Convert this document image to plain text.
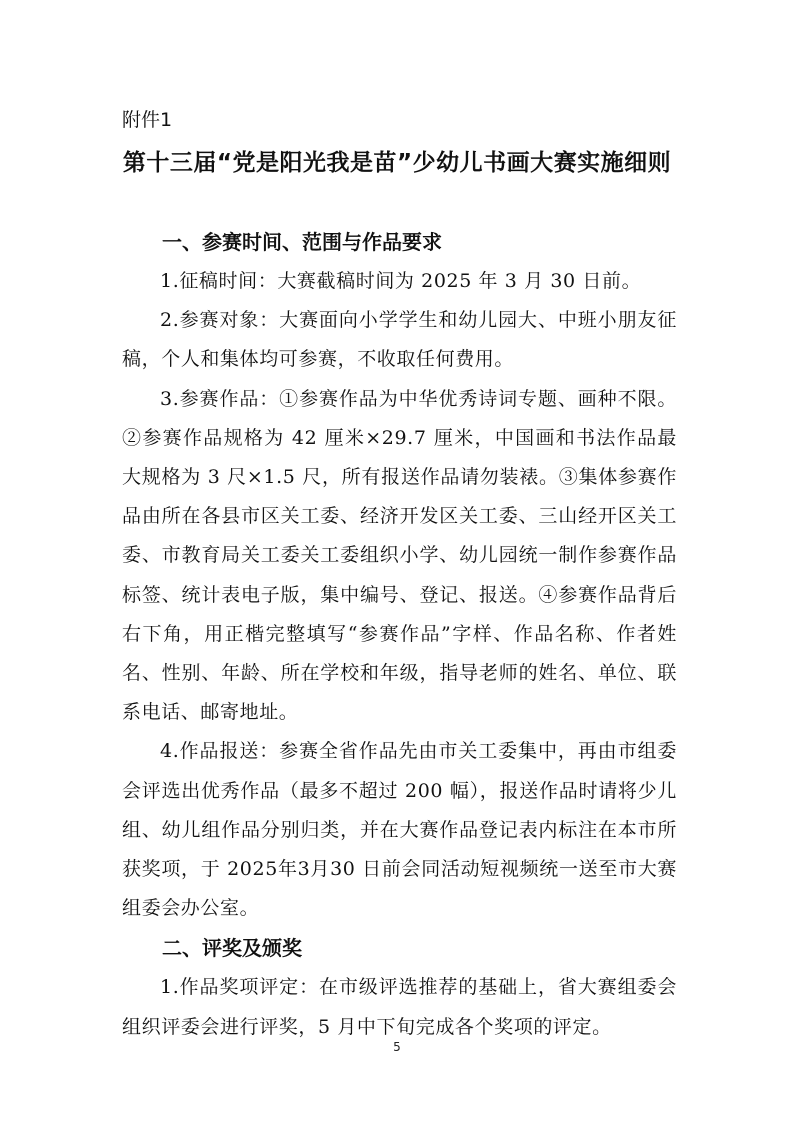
附件1
第十三届“党是阳光我是苗”少幼儿书画大赛实施细则

一、参赛时间、范围与作品要求

1.征稿时间：大赛截稿时间为 2025 年 3 月 30 日前。

2.参赛对象：大赛面向小学学生和幼儿园大、中班小朋友征稿，个人和集体均可参赛，不收取任何费用。

3.参赛作品：①参赛作品为中华优秀诗词专题、画种不限。②参赛作品规格为 42 厘米×29.7 厘米，中国画和书法作品最大规格为 3 尺×1.5 尺，所有报送作品请勿装裱。③集体参赛作品由所在各县市区关工委、经济开发区关工委、三山经开区关工委、市教育局关工委关工委组织小学、幼儿园统一制作参赛作品标签、统计表电子版，集中编号、登记、报送。④参赛作品背后右下角，用正楷完整填写“参赛作品”字样、作品名称、作者姓名、性别、年龄、所在学校和年级，指导老师的姓名、单位、联系电话、邮寄地址。

4.作品报送：参赛全省作品先由市关工委集中，再由市组委会评选出优秀作品（最多不超过 200 幅），报送作品时请将少儿组、幼儿组作品分别归类，并在大赛作品登记表内标注在本市所获奖项，于 2025年3月30 日前会同活动短视频统一送至市大赛组委会办公室。

二、评奖及颁奖

1.作品奖项评定：在市级评选推荐的基础上，省大赛组委会组织评委会进行评奖，5 月中下旬完成各个奖项的评定。

5
